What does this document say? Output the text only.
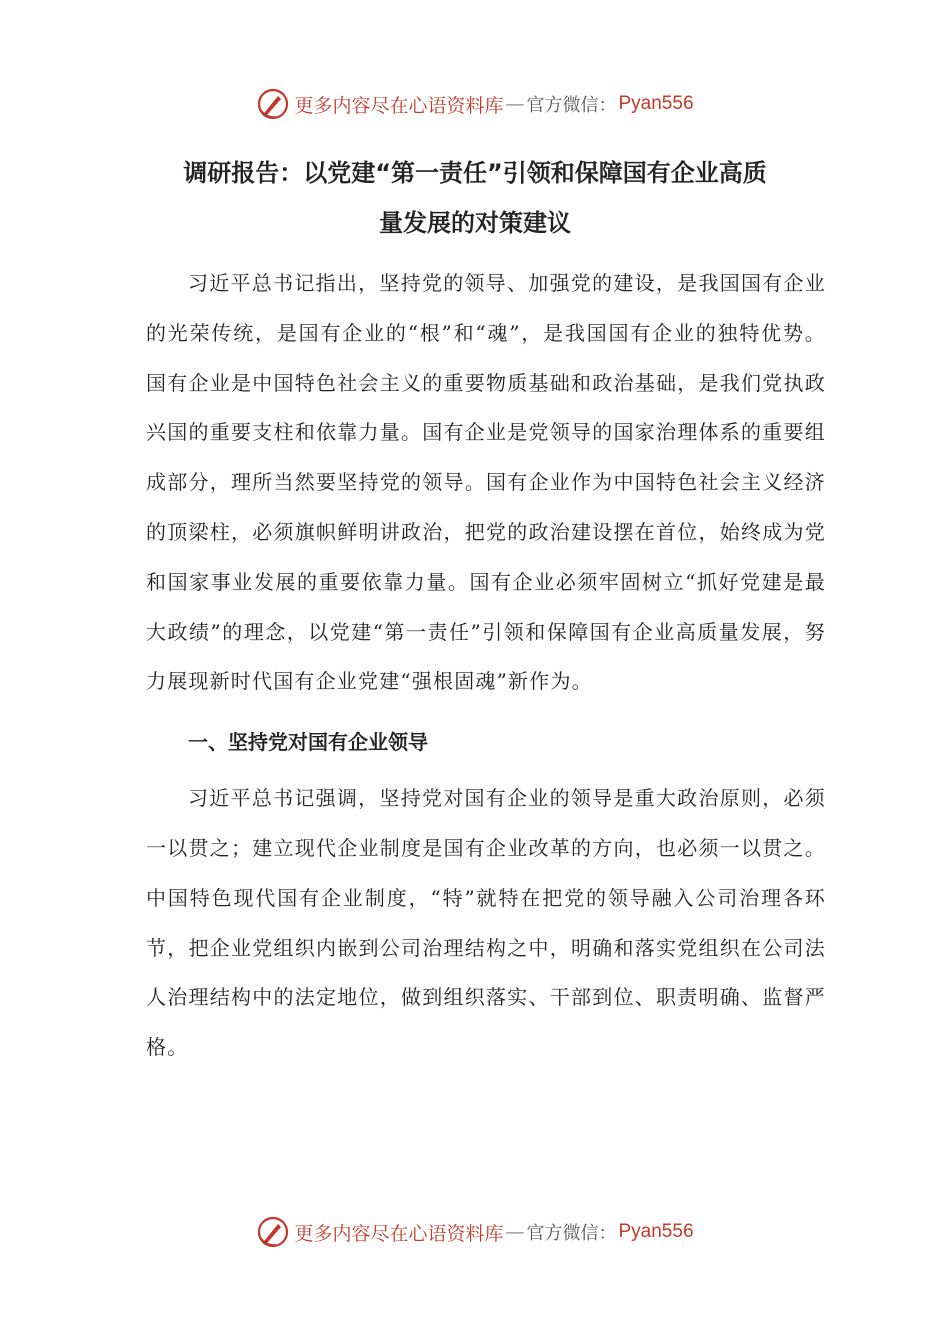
更多内容尽在心语资料库 — 官方微信： Pyan556
调研报告：以党建“第一责任”引领和保障国有企业高质
量发展的对策建议

习近平总书记指出，坚持党的领导、加强党的建设，是我国国有企业的光荣传统，是国有企业的“根”和“魂”，是我国国有企业的独特优势。国有企业是中国特色社会主义的重要物质基础和政治基础，是我们党执政兴国的重要支柱和依靠力量。国有企业是党领导的国家治理体系的重要组成部分，理所当然要坚持党的领导。国有企业作为中国特色社会主义经济的顶梁柱，必须旗帜鲜明讲政治，把党的政治建设摆在首位，始终成为党和国家事业发展的重要依靠力量。国有企业必须牢固树立“抓好党建是最大政绩”的理念，以党建“第一责任”引领和保障国有企业高质量发展，努力展现新时代国有企业党建“强根固魂”新作为。

一、坚持党对国有企业领导

习近平总书记强调，坚持党对国有企业的领导是重大政治原则，必须一以贯之；建立现代企业制度是国有企业改革的方向，也必须一以贯之。中国特色现代国有企业制度，“特”就特在把党的领导融入公司治理各环节，把企业党组织内嵌到公司治理结构之中，明确和落实党组织在公司法人治理结构中的法定地位，做到组织落实、干部到位、职责明确、监督严格。

更多内容尽在心语资料库 — 官方微信： Pyan556
